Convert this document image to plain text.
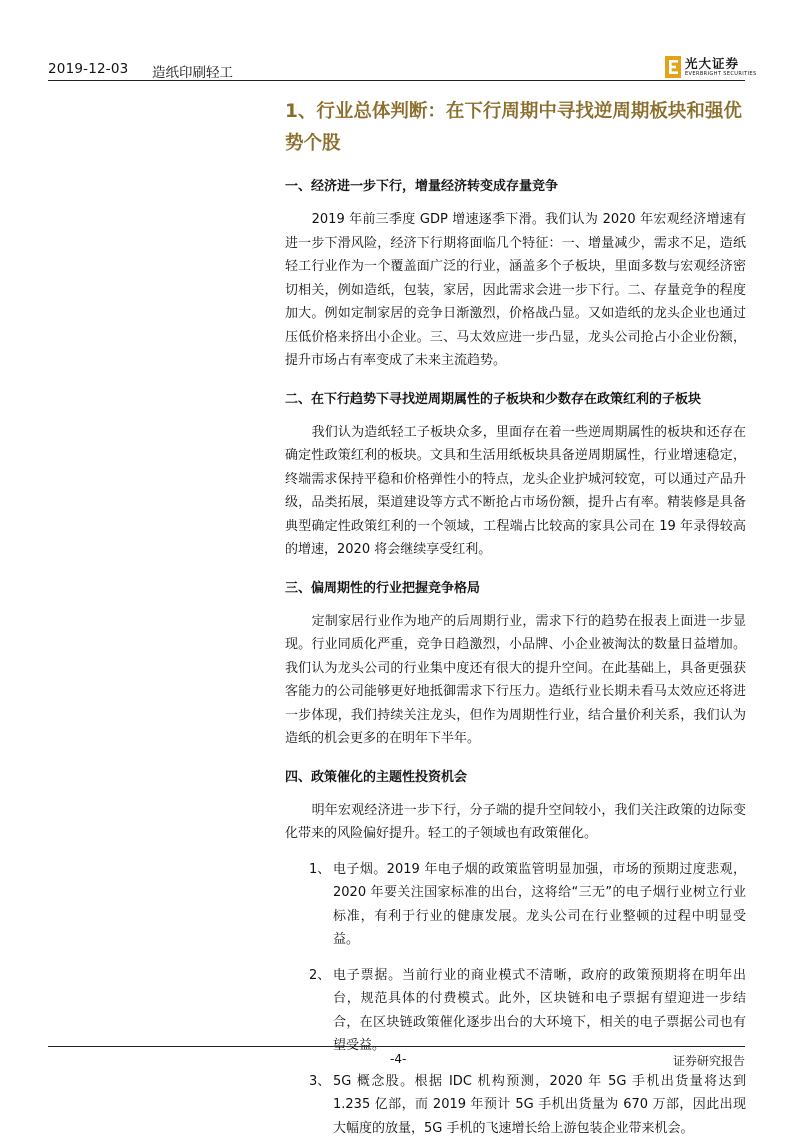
2019-12-03 造纸印刷轻工
光大证券
EVERBRIGHT SECURITIES
1、行业总体判断：在下行周期中寻找逆周期板块和强优势个股
一、经济进一步下行，增量经济转变成存量竞争

2019 年前三季度 GDP 增速逐季下滑。我们认为 2020 年宏观经济增速有进一步下滑风险，经济下行期将面临几个特征：一、增量减少，需求不足，造纸轻工行业作为一个覆盖面广泛的行业，涵盖多个子板块，里面多数与宏观经济密切相关，例如造纸，包装，家居，因此需求会进一步下行。二、存量竞争的程度加大。例如定制家居的竞争日渐激烈，价格战凸显。又如造纸的龙头企业也通过压低价格来挤出小企业。三、马太效应进一步凸显，龙头公司抢占小企业份额，提升市场占有率变成了未来主流趋势。

二、在下行趋势下寻找逆周期属性的子板块和少数存在政策红利的子板块

我们认为造纸轻工子板块众多，里面存在着一些逆周期属性的板块和还存在确定性政策红利的板块。文具和生活用纸板块具备逆周期属性，行业增速稳定，终端需求保持平稳和价格弹性小的特点，龙头企业护城河较宽，可以通过产品升级，品类拓展，渠道建设等方式不断抢占市场份额，提升占有率。精装修是具备典型确定性政策红利的一个领域，工程端占比较高的家具公司在 19 年录得较高的增速，2020 将会继续享受红利。

三、偏周期性的行业把握竞争格局

定制家居行业作为地产的后周期行业，需求下行的趋势在报表上面进一步显现。行业同质化严重，竞争日趋激烈，小品牌、小企业被淘汰的数量日益增加。我们认为龙头公司的行业集中度还有很大的提升空间。在此基础上，具备更强获客能力的公司能够更好地抵御需求下行压力。造纸行业长期未看马太效应还将进一步体现，我们持续关注龙头，但作为周期性行业，结合量价利关系，我们认为造纸的机会更多的在明年下半年。

四、政策催化的主题性投资机会

明年宏观经济进一步下行，分子端的提升空间较小，我们关注政策的边际变化带来的风险偏好提升。轻工的子领域也有政策催化。

1、 电子烟。2019 年电子烟的政策监管明显加强，市场的预期过度悲观，2020 年要关注国家标准的出台，这将给“三无”的电子烟行业树立行业标准，有利于行业的健康发展。龙头公司在行业整顿的过程中明显受益。
2、 电子票据。当前行业的商业模式不清晰，政府的政策预期将在明年出台，规范具体的付费模式。此外，区块链和电子票据有望迎进一步结合，在区块链政策催化逐步出台的大环境下，相关的电子票据公司也有望受益。
3、 5G 概念股。根据 IDC 机构预测，2020 年 5G 手机出货量将达到 1.235 亿部，而 2019 年预计 5G 手机出货量为 670 万部，因此出现大幅度的放量，5G 手机的飞速增长给上游包装企业带来机会。
-4-	证券研究报告
